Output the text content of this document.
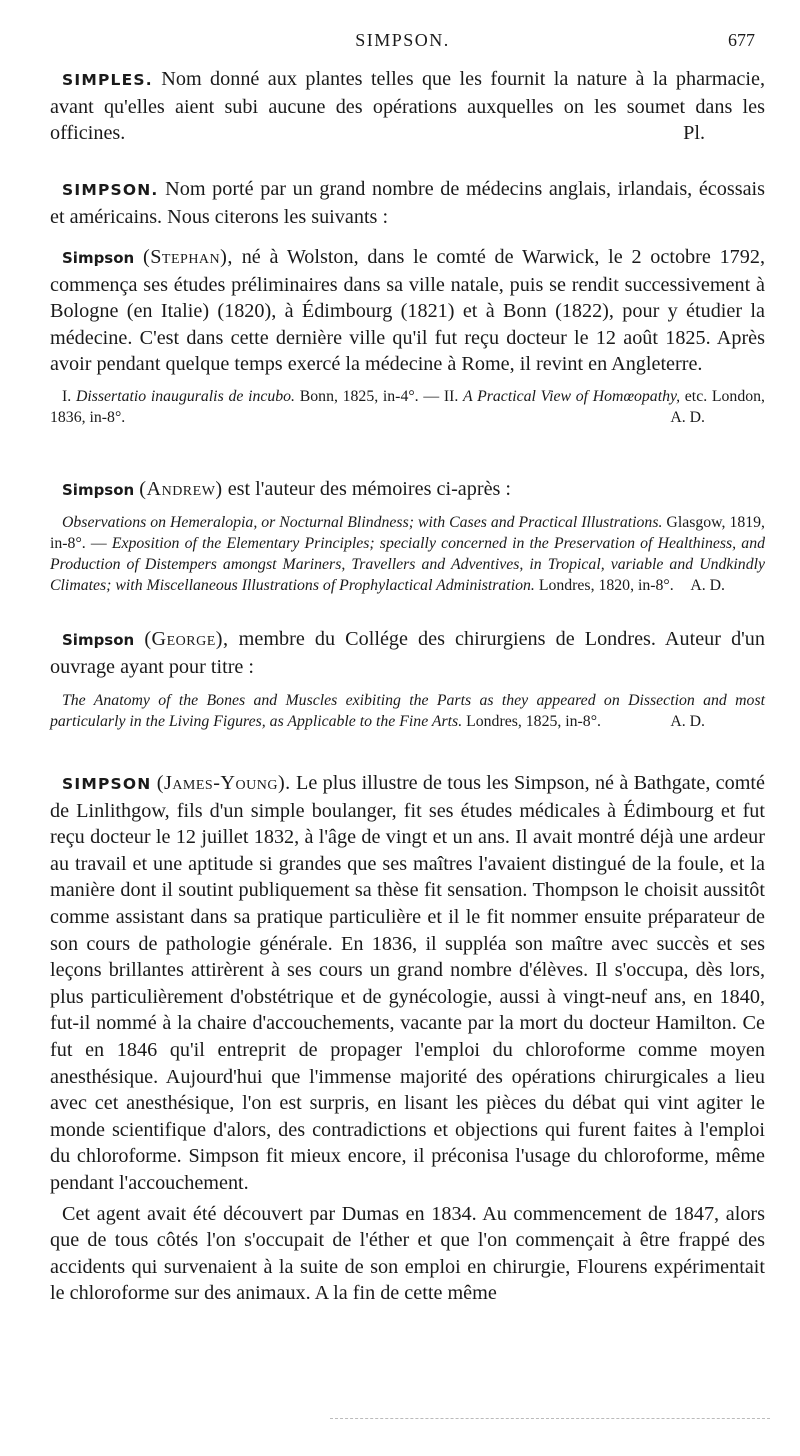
SIMPSON.	677

SIMPLES. Nom donné aux plantes telles que les fournit la nature à la pharmacie, avant qu'elles aient subi aucune des opérations auxquelles on les soumet dans les officines.	Pl.

SIMPSON. Nom porté par un grand nombre de médecins anglais, irlandais, écossais et américains. Nous citerons les suivants :

Simpson (Stephan), né à Wolston, dans le comté de Warwick, le 2 octobre 1792, commença ses études préliminaires dans sa ville natale, puis se rendit successivement à Bologne (en Italie) (1820), à Édimbourg (1821) et à Bonn (1822), pour y étudier la médecine. C'est dans cette dernière ville qu'il fut reçu docteur le 12 août 1825. Après avoir pendant quelque temps exercé la médecine à Rome, il revint en Angleterre.

I. Dissertatio inauguralis de incubo. Bonn, 1825, in-4°. — II. A Practical View of Homœopathy, etc. London, 1836, in-8°.	A. D.

Simpson (Andrew) est l'auteur des mémoires ci-après :

Observations on Hemeralopia, or Nocturnal Blindness; with Cases and Practical Illustrations. Glasgow, 1819, in-8°. — Exposition of the Elementary Principles; specially concerned in the Preservation of Healthiness, and Production of Distempers amongst Mariners, Travellers and Adventives, in Tropical, variable and Undkindly Climates; with Miscellaneous Illustrations of Prophylactical Administration. Londres, 1820, in-8°.	A. D.

Simpson (George), membre du Collége des chirurgiens de Londres. Auteur d'un ouvrage ayant pour titre :

The Anatomy of the Bones and Muscles exibiting the Parts as they appeared on Dissection and most particularly in the Living Figures, as Applicable to the Fine Arts. Londres, 1825, in-8°.	A. D.

SIMPSON (James-Young). Le plus illustre de tous les Simpson, né à Bathgate, comté de Linlithgow, fils d'un simple boulanger, fit ses études médicales à Édimbourg et fut reçu docteur le 12 juillet 1832, à l'âge de vingt et un ans. Il avait montré déjà une ardeur au travail et une aptitude si grandes que ses maîtres l'avaient distingué de la foule, et la manière dont il soutint publiquement sa thèse fit sensation. Thompson le choisit aussitôt comme assistant dans sa pratique particulière et il le fit nommer ensuite préparateur de son cours de pathologie générale. En 1836, il suppléa son maître avec succès et ses leçons brillantes attirèrent à ses cours un grand nombre d'élèves. Il s'occupa, dès lors, plus particulièrement d'obstétrique et de gynécologie, aussi à vingt-neuf ans, en 1840, fut-il nommé à la chaire d'accouchements, vacante par la mort du docteur Hamilton. Ce fut en 1846 qu'il entreprit de propager l'emploi du chloroforme comme moyen anesthésique. Aujourd'hui que l'immense majorité des opérations chirurgicales a lieu avec cet anesthésique, l'on est surpris, en lisant les pièces du débat qui vint agiter le monde scientifique d'alors, des contradictions et objections qui furent faites à l'emploi du chloroforme. Simpson fit mieux encore, il préconisa l'usage du chloroforme, même pendant l'accouchement.

Cet agent avait été découvert par Dumas en 1834. Au commencement de 1847, alors que de tous côtés l'on s'occupait de l'éther et que l'on commençait à être frappé des accidents qui survenaient à la suite de son emploi en chirurgie, Flourens expérimentait le chloroforme sur des animaux. A la fin de cette même
